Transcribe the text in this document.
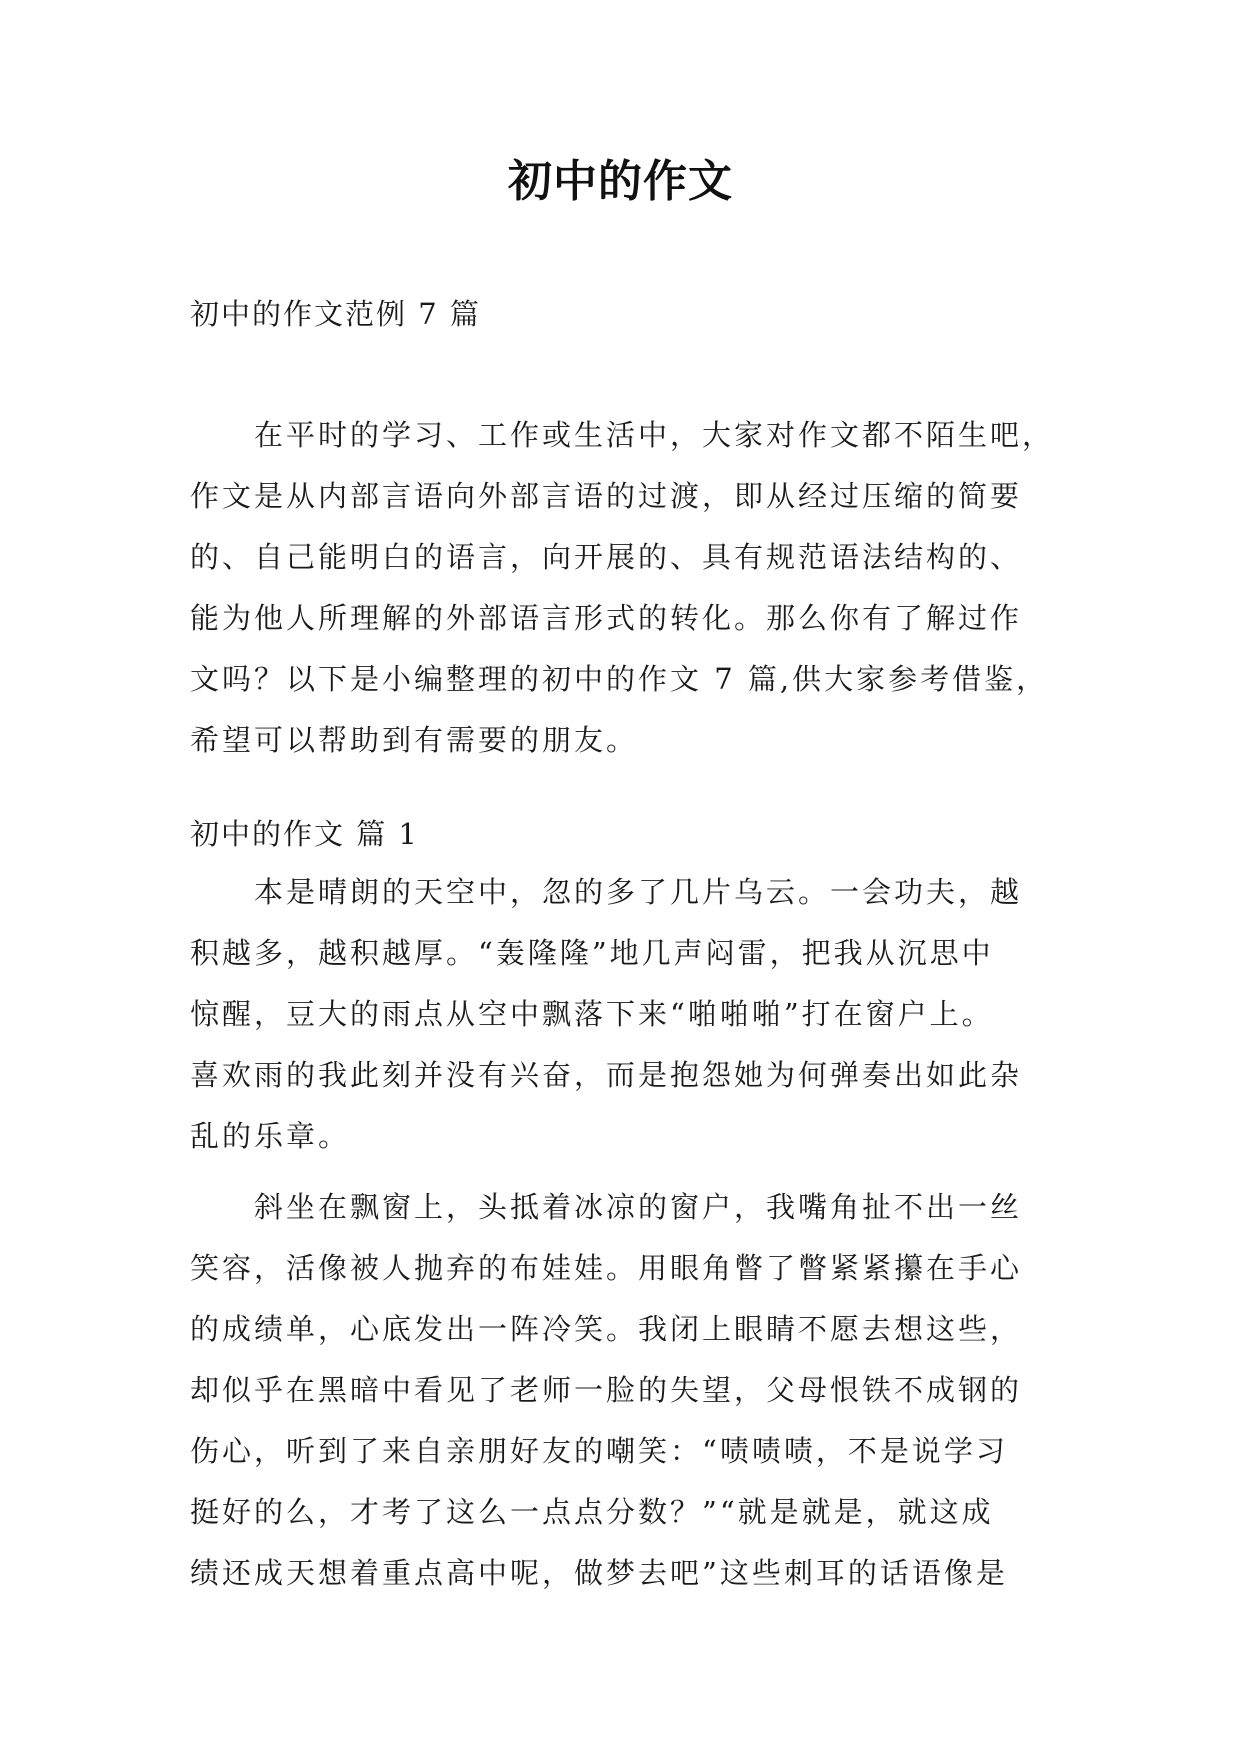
初中的作文
初中的作文范例 7 篇
　　在平时的学习、工作或生活中，大家对作文都不陌生吧，
作文是从内部言语向外部言语的过渡，即从经过压缩的简要
的、自己能明白的语言，向开展的、具有规范语法结构的、
能为他人所理解的外部语言形式的转化。那么你有了解过作
文吗？以下是小编整理的初中的作文 7 篇,供大家参考借鉴，
希望可以帮助到有需要的朋友。
初中的作文 篇 1
　　本是晴朗的天空中，忽的多了几片乌云。一会功夫，越
积越多，越积越厚。“轰隆隆”地几声闷雷，把我从沉思中
惊醒，豆大的雨点从空中飘落下来“啪啪啪”打在窗户上。
喜欢雨的我此刻并没有兴奋，而是抱怨她为何弹奏出如此杂
乱的乐章。
　　斜坐在飘窗上，头抵着冰凉的窗户，我嘴角扯不出一丝
笑容，活像被人抛弃的布娃娃。用眼角瞥了瞥紧紧攥在手心
的成绩单，心底发出一阵冷笑。我闭上眼睛不愿去想这些，
却似乎在黑暗中看见了老师一脸的失望，父母恨铁不成钢的
伤心，听到了来自亲朋好友的嘲笑：“啧啧啧，不是说学习
挺好的么，才考了这么一点点分数？”“就是就是，就这成
绩还成天想着重点高中呢，做梦去吧”这些刺耳的话语像是
